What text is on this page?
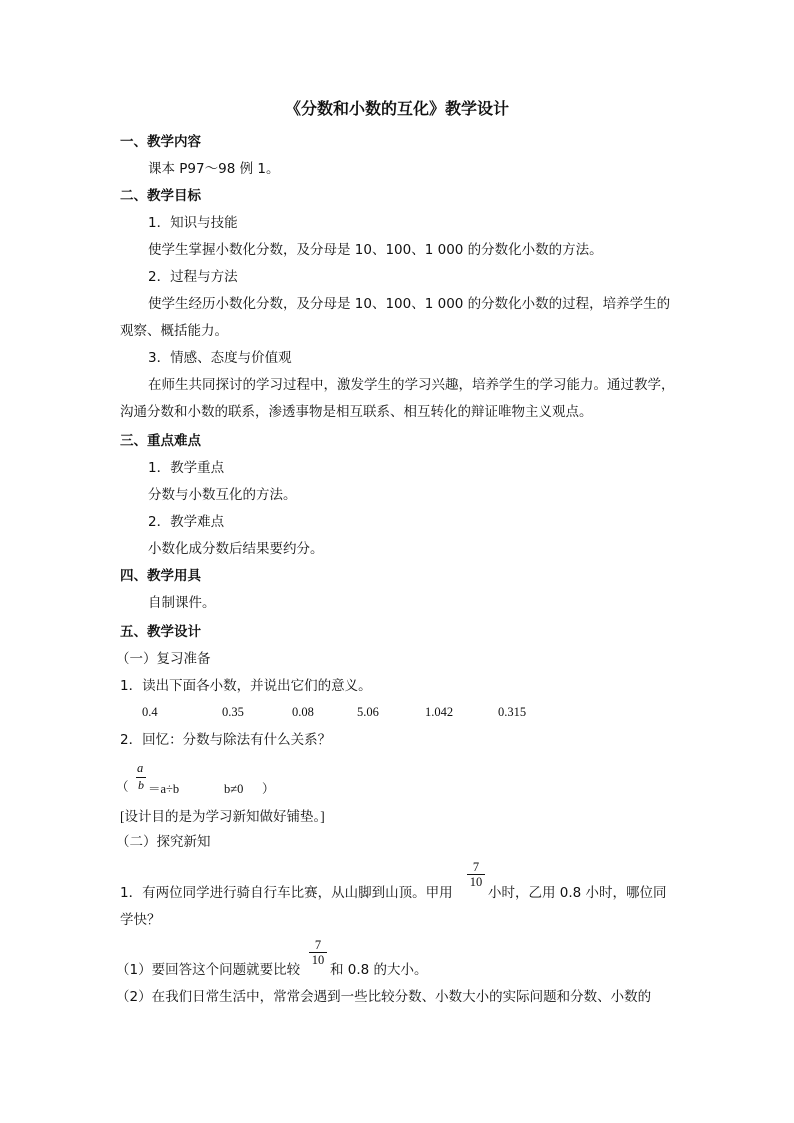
《分数和小数的互化》教学设计
一、教学内容
课本 P97～98 例 1。
二、教学目标
1．知识与技能
使学生掌握小数化分数，及分母是 10、100、1 000 的分数化小数的方法。
2．过程与方法
使学生经历小数化分数，及分母是 10、100、1 000 的分数化小数的过程，培养学生的
观察、概括能力。
3．情感、态度与价值观
在师生共同探讨的学习过程中，激发学生的学习兴趣，培养学生的学习能力。通过教学，
沟通分数和小数的联系，渗透事物是相互联系、相互转化的辩证唯物主义观点。
三、重点难点
1．教学重点
分数与小数互化的方法。
2．教学难点
小数化成分数后结果要约分。
四、教学用具
自制课件。
五、教学设计
（一）复习准备
1．读出下面各小数，并说出它们的意义。
0.4	0.35	0.08	5.06	1.042	0.315
2．回忆：分数与除法有什么关系？
（
a
b ＝a÷b	b≠0 ）
[设计目的是为学习新知做好铺垫。]
（二）探究新知
1．有两位同学进行骑自行车比赛，从山脚到山顶。甲用
7
10
小时，乙用 0.8 小时，哪位同
学快？
（1）要回答这个问题就要比较
7
10
和 0.8 的大小。
（2）在我们日常生活中，常常会遇到一些比较分数、小数大小的实际问题和分数、小数的
